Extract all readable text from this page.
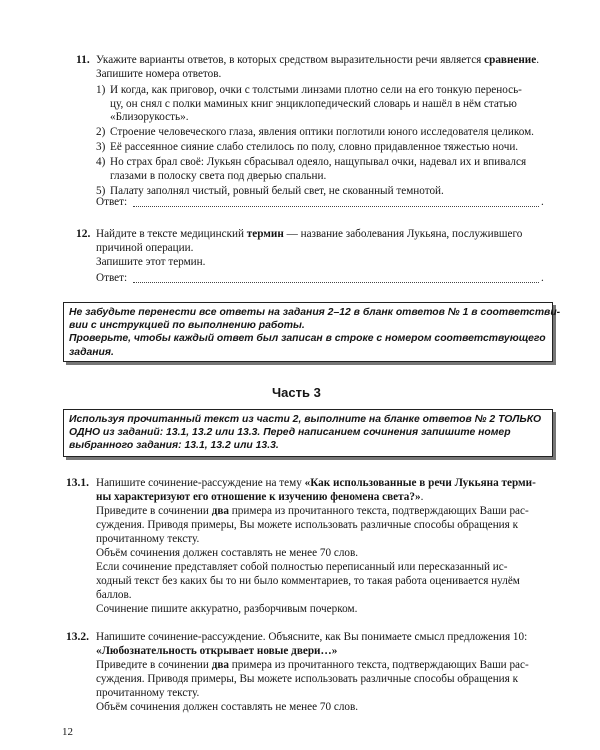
11. Укажите варианты ответов, в которых средством выразительности речи является сравнение.
Запишите номера ответов.
1) И когда, как приговор, очки с толстыми линзами плотно сели на его тонкую перенось-
цу, он снял с полки маминых книг энциклопедический словарь и нашёл в нём статью
«Близорукость».
2) Строение человеческого глаза, явления оптики поглотили юного исследователя целиком.
3) Её рассеянное сияние слабо стелилось по полу, словно придавленное тяжестью ночи.
4) Но страх брал своё: Лукьян сбрасывал одеяло, нащупывал очки, надевал их и впивался
глазами в полоску света под дверью спальни.
5) Палату заполнял чистый, ровный белый свет, не скованный темнотой.
Ответ:	.
12. Найдите в тексте медицинский термин — название заболевания Лукьяна, послужившего
причиной операции.
Запишите этот термин.
Ответ:	.
Не забудьте перенести все ответы на задания 2–12 в бланк ответов № 1 в соответстви-
вии с инструкцией по выполнению работы.
Проверьте, чтобы каждый ответ был записан в строке с номером соответствующего
задания.
Часть 3
Используя прочитанный текст из части 2, выполните на бланке ответов № 2 ТОЛЬКО
ОДНО из заданий: 13.1, 13.2 или 13.3. Перед написанием сочинения запишите номер
выбранного задания: 13.1, 13.2 или 13.3.
13.1. Напишите сочинение-рассуждение на тему «Как использованные в речи Лукьяна терми-
ны характеризуют его отношение к изучению феномена света?».
Приведите в сочинении два примера из прочитанного текста, подтверждающих Ваши рас-
суждения. Приводя примеры, Вы можете использовать различные способы обращения к
прочитанному тексту.
Объём сочинения должен составлять не менее 70 слов.
Если сочинение представляет собой полностью переписанный или пересказанный ис-
ходный текст без каких бы то ни было комментариев, то такая работа оценивается нулём
баллов.
Сочинение пишите аккуратно, разборчивым почерком.
13.2. Напишите сочинение-рассуждение. Объясните, как Вы понимаете смысл предложения 10:
«Любознательность открывает новые двери…»
Приведите в сочинении два примера из прочитанного текста, подтверждающих Ваши рас-
суждения. Приводя примеры, Вы можете использовать различные способы обращения к
прочитанному тексту.
Объём сочинения должен составлять не менее 70 слов.
12
